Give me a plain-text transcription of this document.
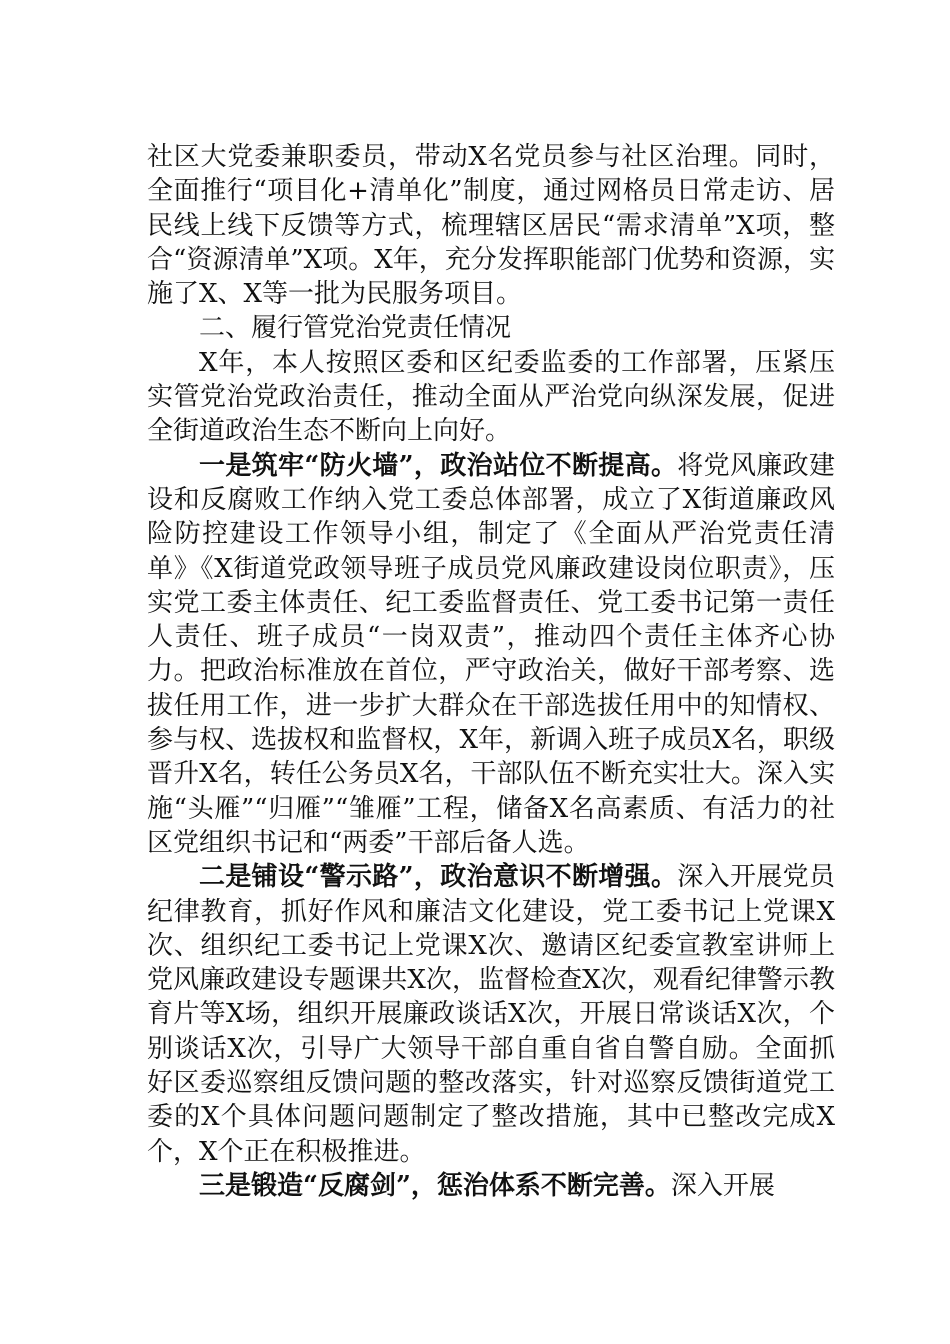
社区大党委兼职委员，带动X名党员参与社区治理。同时，全面推行“项目化+清单化”制度，通过网格员日常走访、居民线上线下反馈等方式，梳理辖区居民“需求清单”X项，整合“资源清单”X项。X年，充分发挥职能部门优势和资源，实施了X、X等一批为民服务项目。

二、履行管党治党责任情况

X年，本人按照区委和区纪委监委的工作部署，压紧压实管党治党政治责任，推动全面从严治党向纵深发展，促进全街道政治生态不断向上向好。

一是筑牢“防火墙”，政治站位不断提高。将党风廉政建设和反腐败工作纳入党工委总体部署，成立了X街道廉政风险防控建设工作领导小组，制定了《全面从严治党责任清单》《X街道党政领导班子成员党风廉政建设岗位职责》，压实党工委主体责任、纪工委监督责任、党工委书记第一责任人责任、班子成员“一岗双责”，推动四个责任主体齐心协力。把政治标准放在首位，严守政治关，做好干部考察、选拔任用工作，进一步扩大群众在干部选拔任用中的知情权、参与权、选拔权和监督权，X年，新调入班子成员X名，职级晋升X名，转任公务员X名，干部队伍不断充实壮大。深入实施“头雁”“归雁”“雏雁”工程，储备X名高素质、有活力的社区党组织书记和“两委”干部后备人选。

二是铺设“警示路”，政治意识不断增强。深入开展党员纪律教育，抓好作风和廉洁文化建设，党工委书记上党课X次、组织纪工委书记上党课X次、邀请区纪委宣教室讲师上党风廉政建设专题课共X次，监督检查X次，观看纪律警示教育片等X场，组织开展廉政谈话X次，开展日常谈话X次，个别谈话X次，引导广大领导干部自重自省自警自励。全面抓好区委巡察组反馈问题的整改落实，针对巡察反馈街道党工委的X个具体问题问题制定了整改措施，其中已整改完成X个，X个正在积极推进。

三是锻造“反腐剑”，惩治体系不断完善。深入开展
